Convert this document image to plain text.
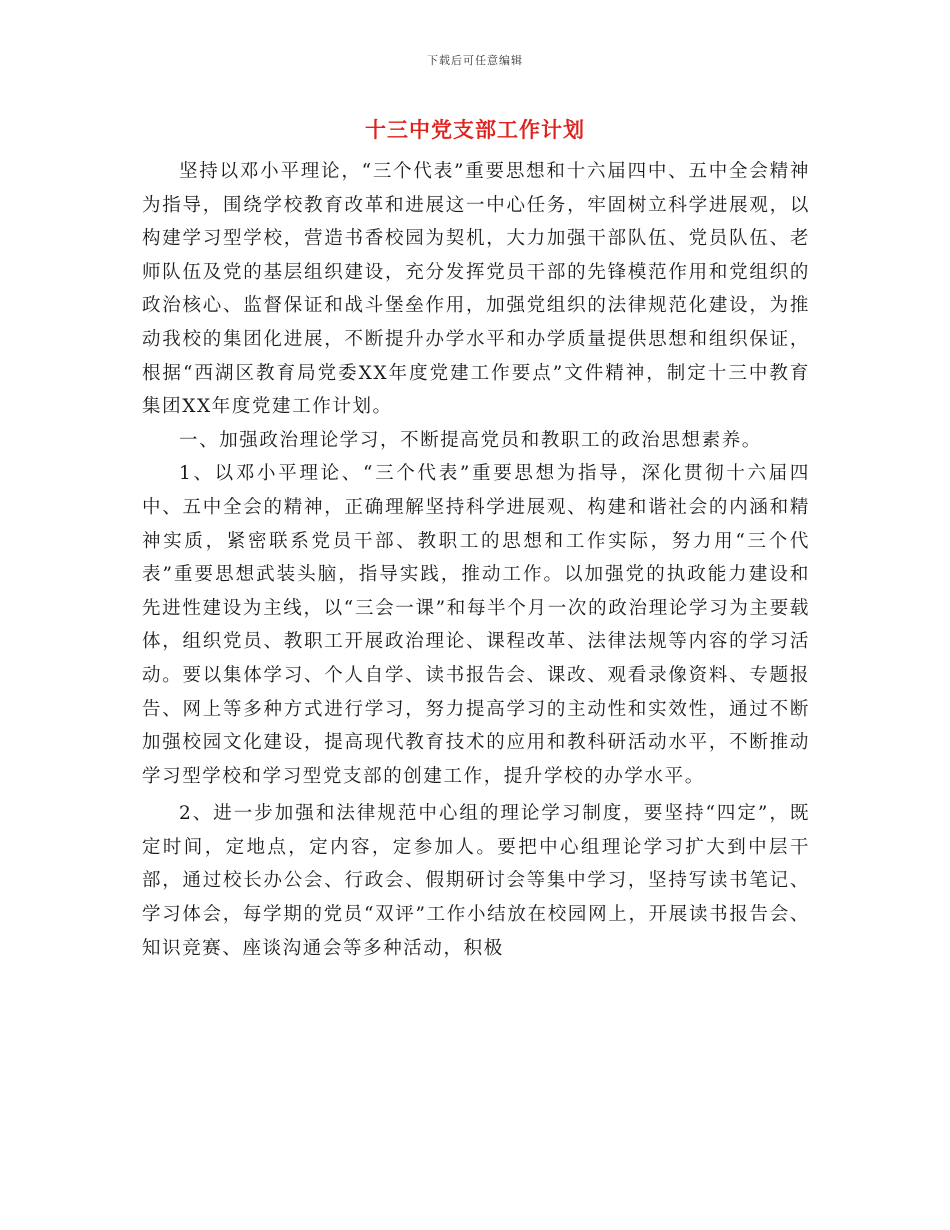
下载后可任意编辑
十三中党支部工作计划

坚持以邓小平理论，“三个代表”重要思想和十六届四中、五中全会精神为指导，围绕学校教育改革和进展这一中心任务，牢固树立科学进展观，以构建学习型学校，营造书香校园为契机，大力加强干部队伍、党员队伍、老师队伍及党的基层组织建设，充分发挥党员干部的先锋模范作用和党组织的政治核心、监督保证和战斗堡垒作用，加强党组织的法律规范化建设，为推动我校的集团化进展，不断提升办学水平和办学质量提供思想和组织保证，根据“西湖区教育局党委XX年度党建工作要点”文件精神，制定十三中教育集团XX年度党建工作计划。

一、加强政治理论学习，不断提高党员和教职工的政治思想素养。

1、以邓小平理论、“三个代表”重要思想为指导，深化贯彻十六届四中、五中全会的精神，正确理解坚持科学进展观、构建和谐社会的内涵和精神实质，紧密联系党员干部、教职工的思想和工作实际，努力用“三个代表”重要思想武装头脑，指导实践，推动工作。以加强党的执政能力建设和先进性建设为主线，以“三会一课”和每半个月一次的政治理论学习为主要载体，组织党员、教职工开展政治理论、课程改革、法律法规等内容的学习活动。要以集体学习、个人自学、读书报告会、课改、观看录像资料、专题报告、网上等多种方式进行学习，努力提高学习的主动性和实效性，通过不断加强校园文化建设，提高现代教育技术的应用和教科研活动水平，不断推动学习型学校和学习型党支部的创建工作，提升学校的办学水平。

2、进一步加强和法律规范中心组的理论学习制度，要坚持“四定”，既定时间，定地点，定内容，定参加人。要把中心组理论学习扩大到中层干部，通过校长办公会、行政会、假期研讨会等集中学习，坚持写读书笔记、学习体会，每学期的党员“双评”工作小结放在校园网上，开展读书报告会、知识竞赛、座谈沟通会等多种活动，积极
